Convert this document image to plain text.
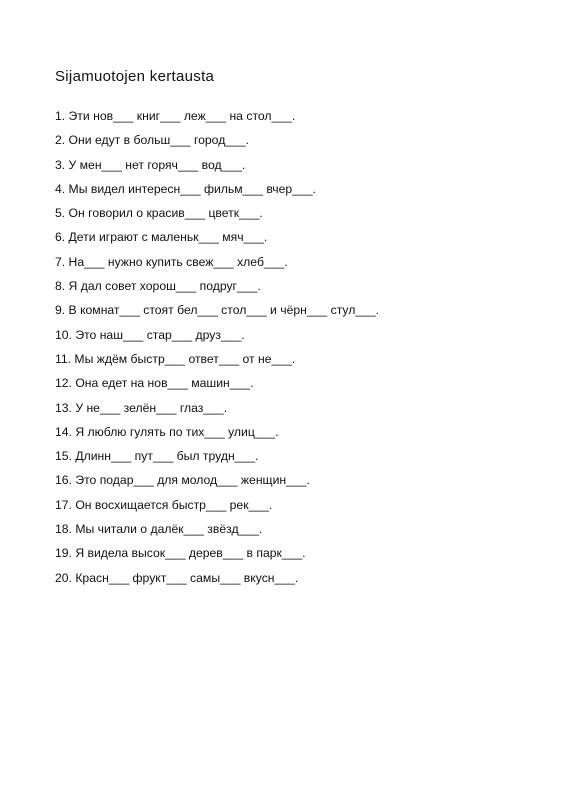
Sijamuotojen kertausta
1. Эти нов___ книг___ леж___ на стол___.
2. Они едут в больш___ город___.
3. У мен___ нет горяч___ вод___.
4. Мы видел интересн___ фильм___ вчер___.
5. Он говорил о красив___ цветк___.
6. Дети играют с маленьк___ мяч___.
7. На___ нужно купить свеж___ хлеб___.
8. Я дал совет хорош___ подруг___.
9. В комнат___ стоят бел___ стол___ и чёрн___ стул___.
10. Это наш___ стар___ друз___.
11. Мы ждём быстр___ ответ___ от не___.
12. Она едет на нов___ машин___.
13. У не___ зелён___ глаз___.
14. Я люблю гулять по тих___ улиц___.
15. Длинн___ пут___ был трудн___.
16. Это подар___ для молод___ женщин___.
17. Он восхищается быстр___ рек___.
18. Мы читали о далёк___ звёзд___.
19. Я видела высок___ дерев___ в парк___.
20. Красн___ фрукт___ самы___ вкусн___.
